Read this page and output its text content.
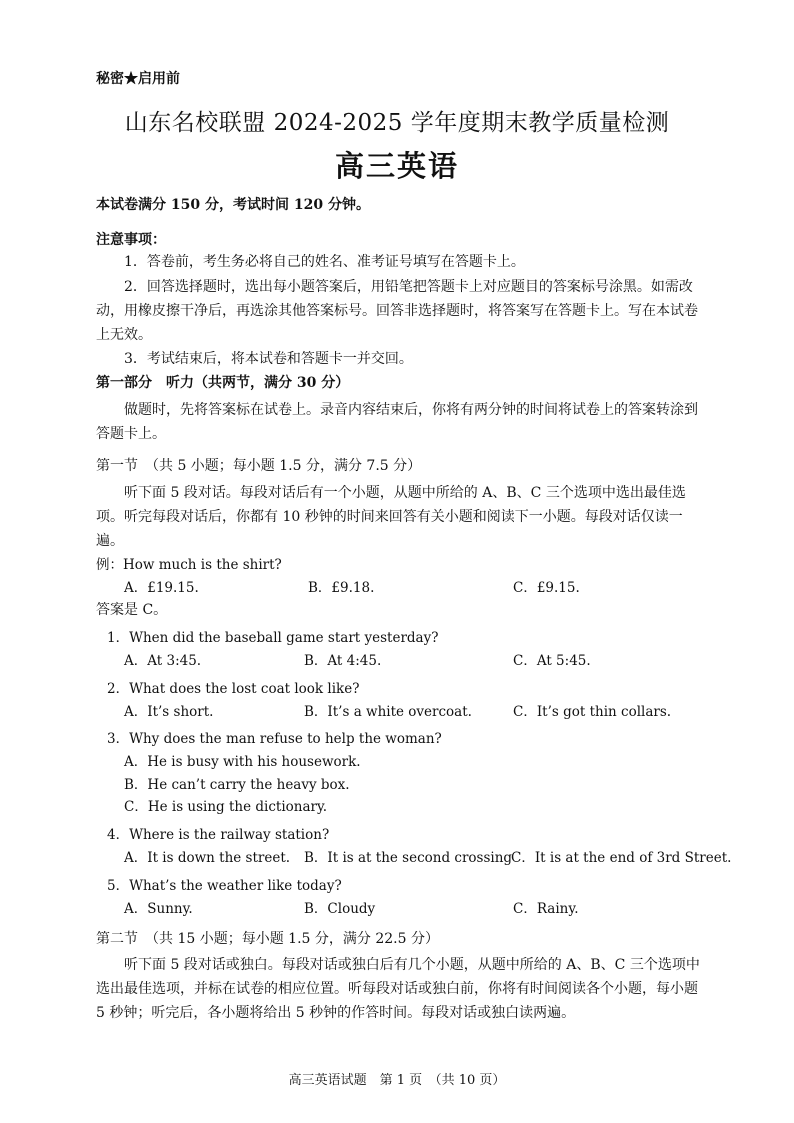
秘密★启用前
山东名校联盟 2024-2025 学年度期末教学质量检测
高三英语
本试卷满分 150 分，考试时间 120 分钟。
注意事项：
1．答卷前，考生务必将自己的姓名、准考证号填写在答题卡上。
2．回答选择题时，选出每小题答案后，用铅笔把答题卡上对应题目的答案标号涂黑。如需改动，用橡皮擦干净后，再选涂其他答案标号。回答非选择题时，将答案写在答题卡上。写在本试卷上无效。
3．考试结束后，将本试卷和答题卡一并交回。
第一部分　听力（共两节，满分 30 分）
做题时，先将答案标在试卷上。录音内容结束后，你将有两分钟的时间将试卷上的答案转涂到答题卡上。
第一节　（共 5 小题；每小题 1.5 分，满分 7.5 分）
听下面 5 段对话。每段对话后有一个小题，从题中所给的 A、B、C 三个选项中选出最佳选项。听完每段对话后，你都有 10 秒钟的时间来回答有关小题和阅读下一小题。每段对话仅读一遍。
例：How much is the shirt?
A．£19.15.	B．£9.18.	C．£9.15.
答案是 C。
1．When did the baseball game start yesterday?
A．At 3:45.	B．At 4:45.	C．At 5:45.
2．What does the lost coat look like?
A．It’s short.	B．It’s a white overcoat.	C．It’s got thin collars.
3．Why does the man refuse to help the woman?
A．He is busy with his housework.
B．He can’t carry the heavy box.
C．He is using the dictionary.
4．Where is the railway station?
A．It is down the street. B．It is at the second crossing
C．It is at the end of 3rd Street.
5．What’s the weather like today?
A．Sunny.	B．Cloudy	C．Rainy.
第二节　（共 15 小题；每小题 1.5 分，满分 22.5 分）
听下面 5 段对话或独白。每段对话或独白后有几个小题，从题中所给的 A、B、C 三个选项中选出最佳选项，并标在试卷的相应位置。听每段对话或独白前，你将有时间阅读各个小题，每小题 5 秒钟；听完后，各小题将给出 5 秒钟的作答时间。每段对话或独白读两遍。
高三英语试题　第 1 页　（共 10 页）
